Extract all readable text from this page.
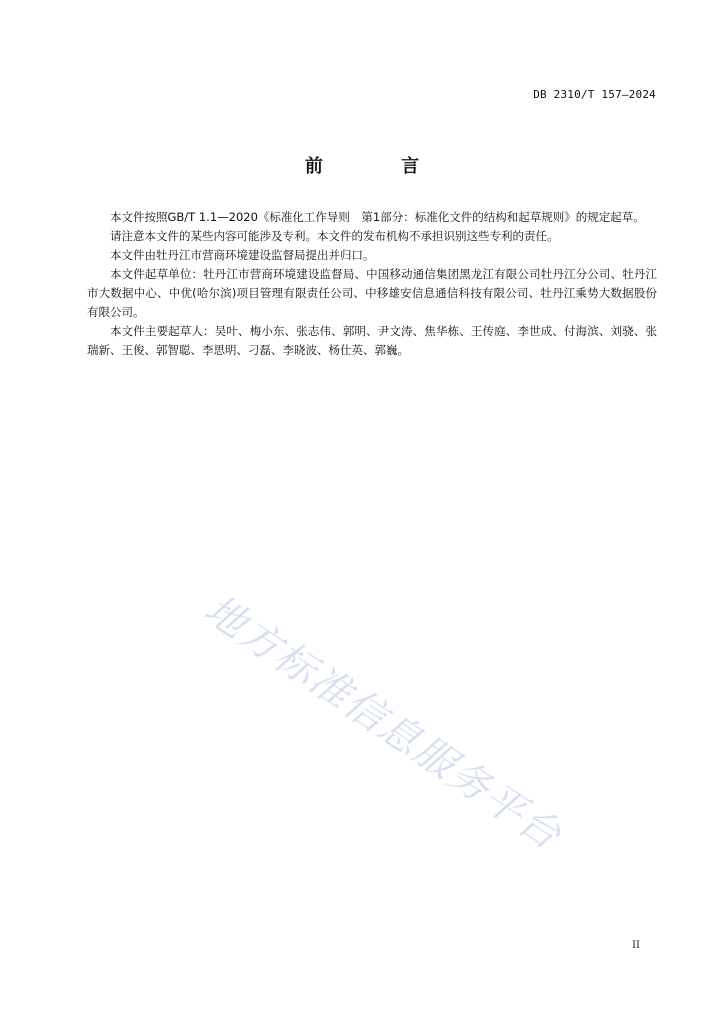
DB 2310/T 157—2024
前 言

本文件按照GB/T 1.1—2020《标准化工作导则　第1部分：标准化文件的结构和起草规则》的规定起草。

请注意本文件的某些内容可能涉及专利。本文件的发布机构不承担识别这些专利的责任。

本文件由牡丹江市营商环境建设监督局提出并归口。

本文件起草单位：牡丹江市营商环境建设监督局、中国移动通信集团黑龙江有限公司牡丹江分公司、牡丹江市大数据中心、中优(哈尔滨)项目管理有限责任公司、中移雄安信息通信科技有限公司、牡丹江乘势大数据股份有限公司。

本文件主要起草人：吴叶、梅小东、张志伟、郭明、尹文涛、焦华栋、王传庭、李世成、付海滨、刘骁、张瑞新、王俊、郭智聪、李思明、刁磊、李晓波、杨仕英、郭巍。

地方标准信息服务平台
II
